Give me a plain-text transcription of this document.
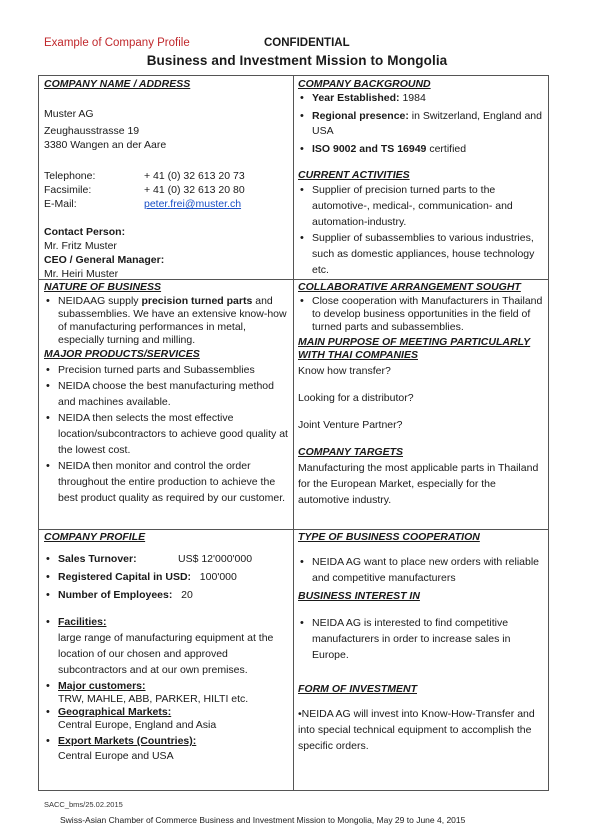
Example of Company Profile	CONFIDENTIAL
Business and Investment Mission to Mongolia
COMPANY NAME / ADDRESS

Muster AG

Zeughausstrasse 19

3380 Wangen an der Aare

Telephone:	+ 41 (0) 32 613 20 73
Facsimile:	+ 41 (0) 32 613 20 80
E-Mail:	peter.frei@muster.ch

Contact Person:

Mr. Fritz Muster

CEO / General Manager:

Mr. Heiri Muster

COMPANY BACKGROUND
• Year Established: 1984
• Regional presence: in Switzerland, England and USA
• ISO 9002 and TS 16949 certified
CURRENT ACTIVITIES
• Supplier of precision turned parts to the automotive-, medical-, communication- and automation-industry.
• Supplier of subassemblies to various industries, such as domestic appliances, house technology etc.
NATURE OF BUSINESS
• NEIDAAG supply precision turned parts and subassemblies. We have an extensive know-how of manufacturing performances in metal, especially turning and milling.
MAJOR PRODUCTS/SERVICES
• Precision turned parts and Subassemblies
• NEIDA choose the best manufacturing method and machines available.
• NEIDA then selects the most effective location/subcontractors to achieve good quality at the lowest cost.
• NEIDA then monitor and control the order throughout the entire production to achieve the best product quality as required by our customer.
COLLABORATIVE ARRANGEMENT SOUGHT
• Close cooperation with Manufacturers in Thailand to develop business opportunities in the field of turned parts and subassemblies.
MAIN PURPOSE OF MEETING PARTICULARLY WITH THAI COMPANIES

Know how transfer?

Looking for a distributor?

Joint Venture Partner?

COMPANY TARGETS

Manufacturing the most applicable parts in Thailand for the European Market, especially for the automotive industry.

COMPANY PROFILE
• Sales Turnover:	US$ 12'000'000
• Registered Capital in USD: 100'000
• Number of Employees: 20
• Facilities:
large range of manufacturing equipment at the location of our chosen and approved subcontractors and at our own premises.
• Major customers:
TRW, MAHLE, ABB, PARKER, HILTI etc.
• Geographical Markets:
Central Europe, England and Asia
• Export Markets (Countries):
Central Europe and USA
TYPE OF BUSINESS COOPERATION
• NEIDA AG want to place new orders with reliable and competitive manufacturers
BUSINESS INTEREST IN
• NEIDA AG is interested to find competitive manufacturers in order to increase sales in Europe.
FORM OF INVESTMENT

•NEIDA AG will invest into Know-How-Transfer and into special technical equipment to accomplish the specific orders.

SACC_bms/25.02.2015
Swiss-Asian Chamber of Commerce Business and Investment Mission to Mongolia, May 29 to June 4, 2015
